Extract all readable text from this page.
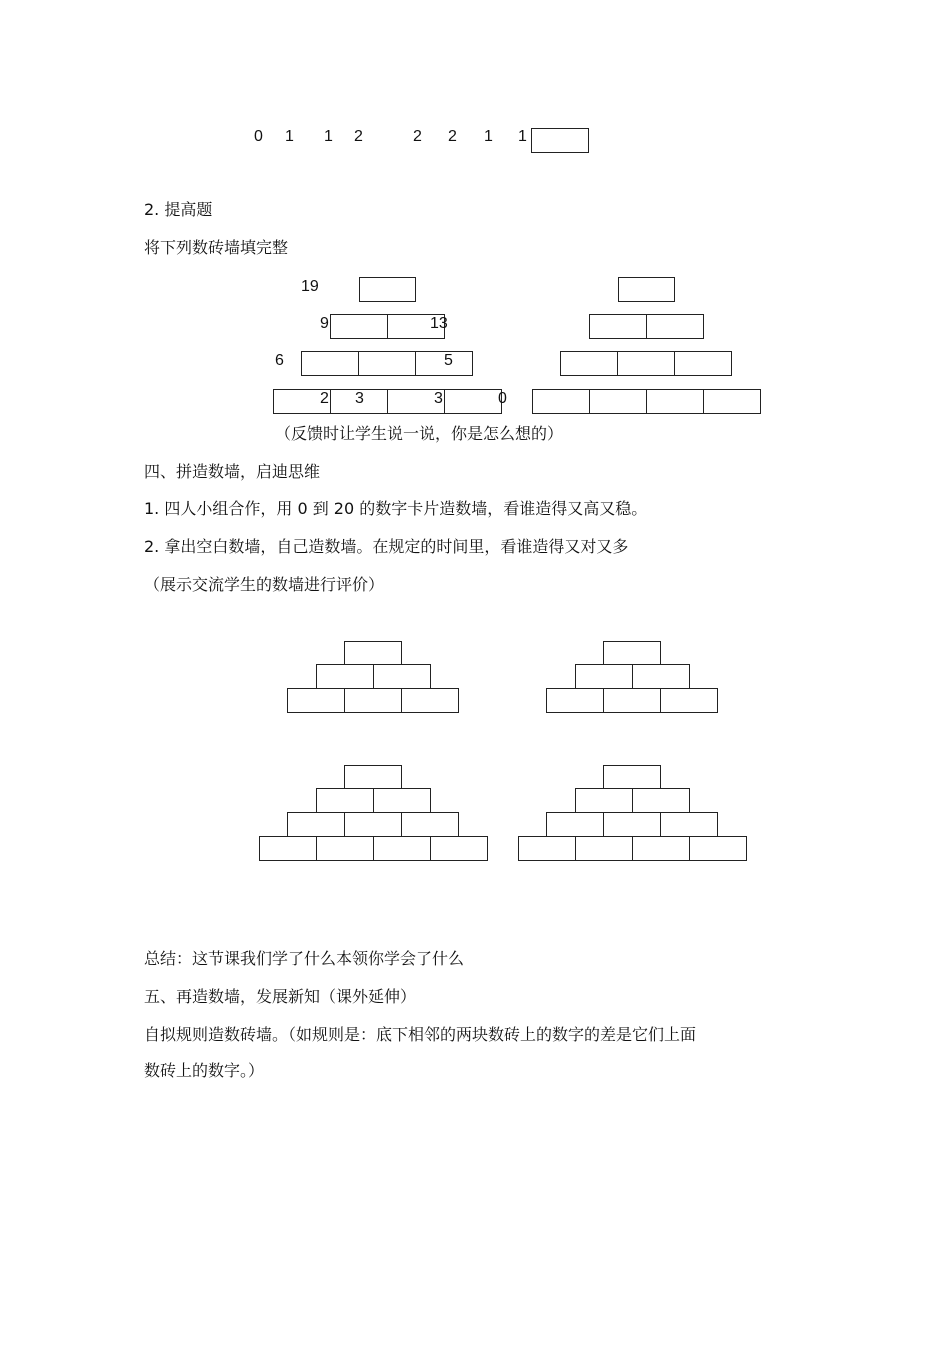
0 1 1 2	2 2 1 1
2. 提高题
将下列数砖墙填完整
19
9	13
6	5
2 3	3	0
（反馈时让学生说一说，你是怎么想的）
四、拼造数墙，启迪思维
1. 四人小组合作，用 0 到 20 的数字卡片造数墙，看谁造得又高又稳。
2. 拿出空白数墙，自己造数墙。在规定的时间里，看谁造得又对又多
（展示交流学生的数墙进行评价）
总结：这节课我们学了什么本领你学会了什么
五、再造数墙，发展新知（课外延伸）
自拟规则造数砖墙。（如规则是：底下相邻的两块数砖上的数字的差是它们上面
数砖上的数字。）
